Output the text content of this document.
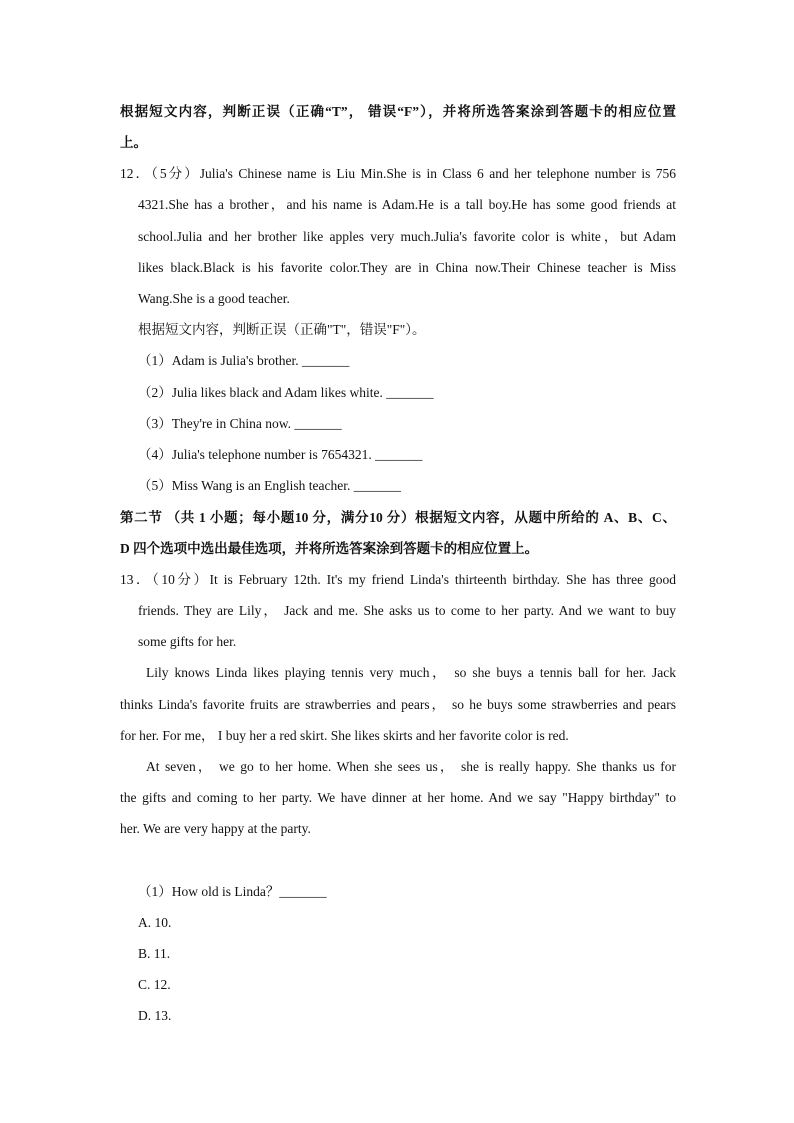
根据短文内容，判断正误（正确“T”， 错误“F”），并将所选答案涂到答题卡的相应位置
上。
12．（5分）Julia's Chinese name is Liu Min.She is in Class 6 and her telephone number is 756
4321.She has a brother，and his name is Adam.He is a tall boy.He has some good friends at
school.Julia and her brother like apples very much.Julia's favorite color is white，but Adam
likes black.Black is his favorite color.They are in China now.Their Chinese teacher is Miss
Wang.She is a good teacher.
根据短文内容，判断正误（正确"T"，错误"F"）。
（1）Adam is Julia's brother. _______
（2）Julia likes black and Adam likes white. _______
（3）They're in China now. _______
（4）Julia's telephone number is 7654321. _______
（5）Miss Wang is an English teacher. _______
第二节 （共 1 小题；每小题10 分，满分10 分）根据短文内容，从题中所给的 A、B、C、
D 四个选项中选出最佳选项，并将所选答案涂到答题卡的相应位置上。
13．（10分）It is February 12th. It's my friend Linda's thirteenth birthday. She has three good
friends. They are Lily， Jack and me. She asks us to come to her party. And we want to buy
some gifts for her.
Lily knows Linda likes playing tennis very much， so she buys a tennis ball for her. Jack
thinks Linda's favorite fruits are strawberries and pears， so he buys some strawberries and pears
for her. For me， I buy her a red skirt. She likes skirts and her favorite color is red.
At seven， we go to her home. When she sees us， she is really happy. She thanks us for
the gifts and coming to her party. We have dinner at her home. And we say "Happy birthday" to
her. We are very happy at the party.
（1）How old is Linda？_______
A. 10.
B. 11.
C. 12.
D. 13.
